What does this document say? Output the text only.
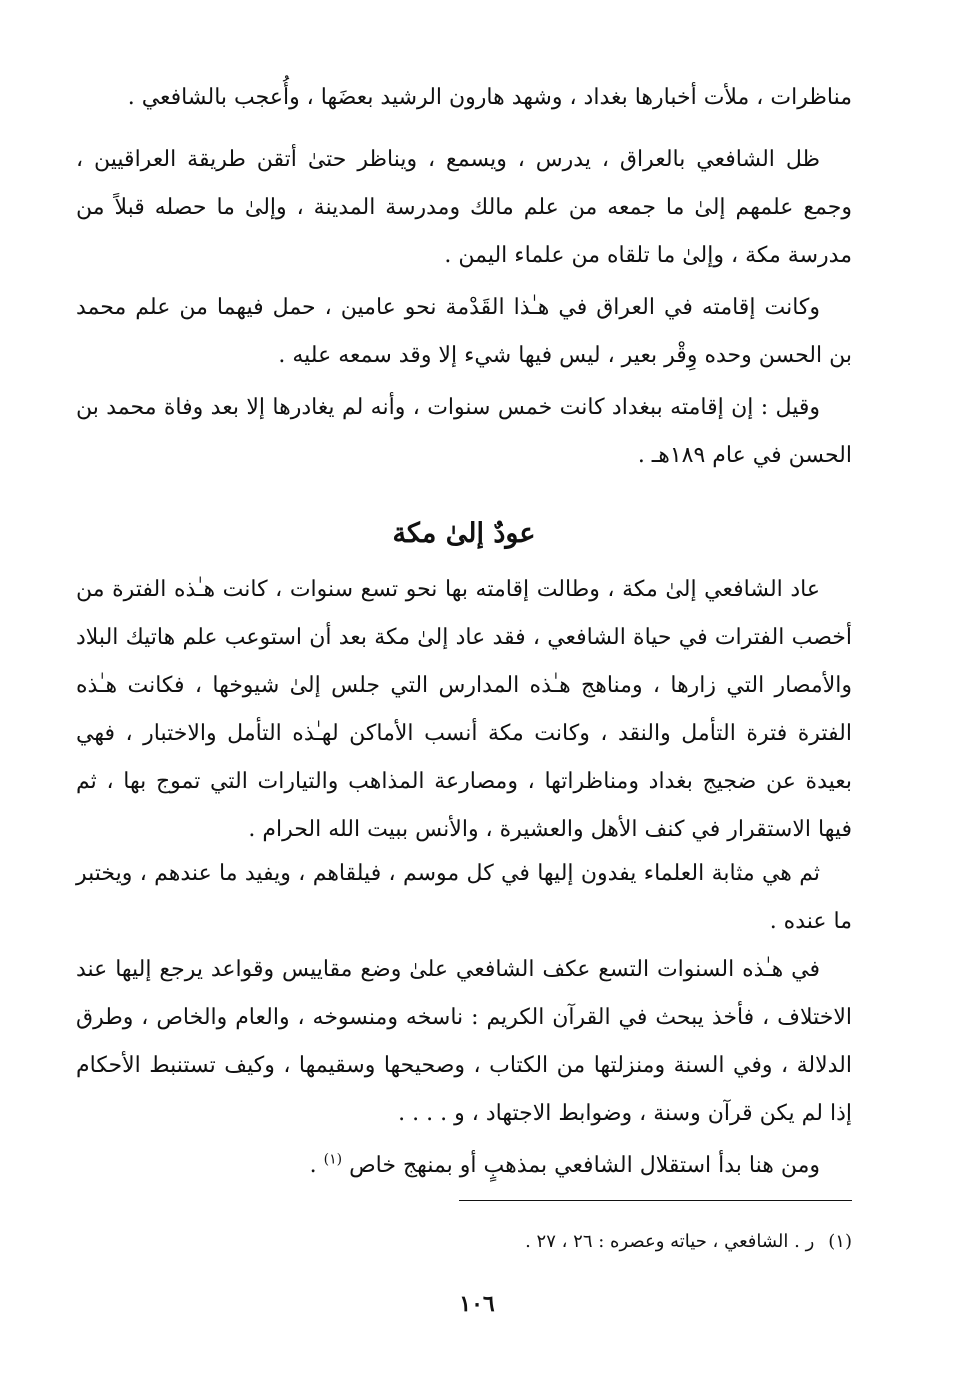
مناظرات ، ملأت أخبارها بغداد ، وشهد هارون الرشيد بعضَها ، وأُعجب بالشافعي .

ظل الشافعي بالعراق ، يدرس ، ويسمع ، ويناظر حتىٰ أتقن طريقة العراقيين ، وجمع علمهم إلىٰ ما جمعه من علم مالك ومدرسة المدينة ، وإلىٰ ما حصله قبلاً من مدرسة مكة ، وإلىٰ ما تلقاه من علماء اليمن .

وكانت إقامته في العراق في هـٰذا القَدْمة نحو عامين ، حمل فيهما من علم محمد بن الحسن وحده وِقْر بعير ، ليس فيها شيء إلا وقد سمعه عليه .

وقيل : إن إقامته ببغداد كانت خمس سنوات ، وأنه لم يغادرها إلا بعد وفاة محمد بن الحسن في عام ١٨٩هـ .

عودٌ إلىٰ مكة

عاد الشافعي إلىٰ مكة ، وطالت إقامته بها نحو تسع سنوات ، كانت هـٰذه الفترة من أخصب الفترات في حياة الشافعي ، فقد عاد إلىٰ مكة بعد أن استوعب علم هاتيك البلاد والأمصار التي زارها ، ومناهج هـٰذه المدارس التي جلس إلىٰ شيوخها ، فكانت هـٰذه الفترة فترة التأمل والنقد ، وكانت مكة أنسب الأماكن لهـٰذه التأمل والاختبار ، فهي بعيدة عن ضجيج بغداد ومناظراتها ، ومصارعة المذاهب والتيارات التي تموج بها ، ثم فيها الاستقرار في كنف الأهل والعشيرة ، والأنس ببيت الله الحرام .

ثم هي مثابة العلماء يفدون إليها في كل موسم ، فيلقاهم ، ويفيد ما عندهم ، ويختبر ما عنده .

في هـٰذه السنوات التسع عكف الشافعي علىٰ وضع مقاييس وقواعد يرجع إليها عند الاختلاف ، فأخذ يبحث في القرآن الكريم : ناسخه ومنسوخه ، والعام والخاص ، وطرق الدلالة ، وفي السنة ومنزلتها من الكتاب ، وصحيحها وسقيمها ، وكيف تستنبط الأحكام إذا لم يكن قرآن وسنة ، وضوابط الاجتهاد ، و . . . .

ومن هنا بدأ استقلال الشافعي بمذهبٍ أو بمنهج خاص $^{(١)}$ .

(١)ر . الشافعي ، حياته وعصره : ٢٦ ، ٢٧ .

١٠٦
